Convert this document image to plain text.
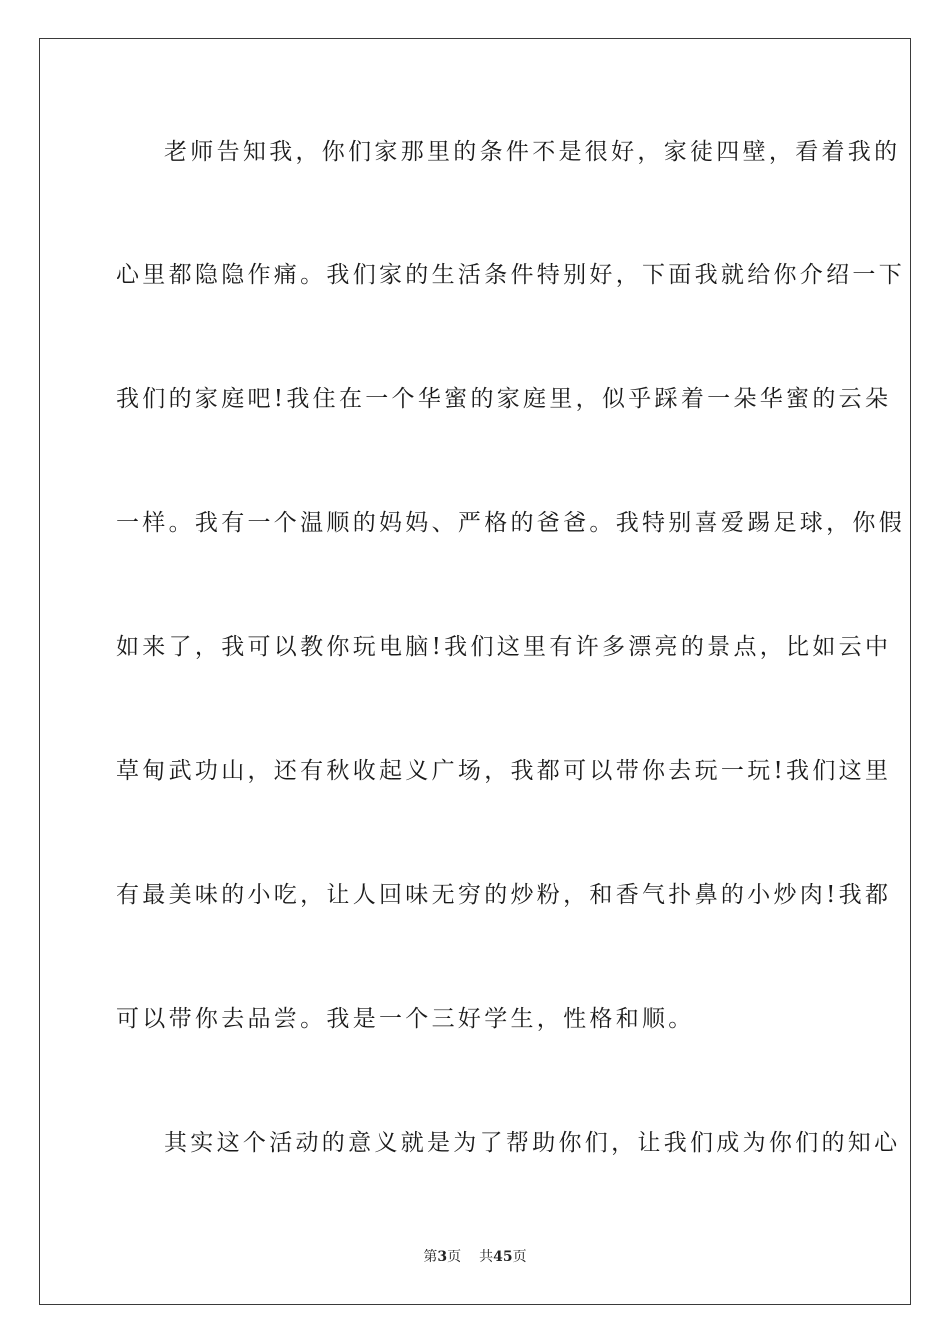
老师告知我，你们家那里的条件不是很好，家徒四壁，看着我的
心里都隐隐作痛。我们家的生活条件特别好，下面我就给你介绍一下
我们的家庭吧!我住在一个华蜜的家庭里，似乎踩着一朵华蜜的云朵
一样。我有一个温顺的妈妈、严格的爸爸。我特别喜爱踢足球，你假
如来了，我可以教你玩电脑!我们这里有许多漂亮的景点，比如云中
草甸武功山，还有秋收起义广场，我都可以带你去玩一玩!我们这里
有最美味的小吃，让人回味无穷的炒粉，和香气扑鼻的小炒肉!我都
可以带你去品尝。我是一个三好学生，性格和顺。
其实这个活动的意义就是为了帮助你们，让我们成为你们的知心
第3页 共45页
